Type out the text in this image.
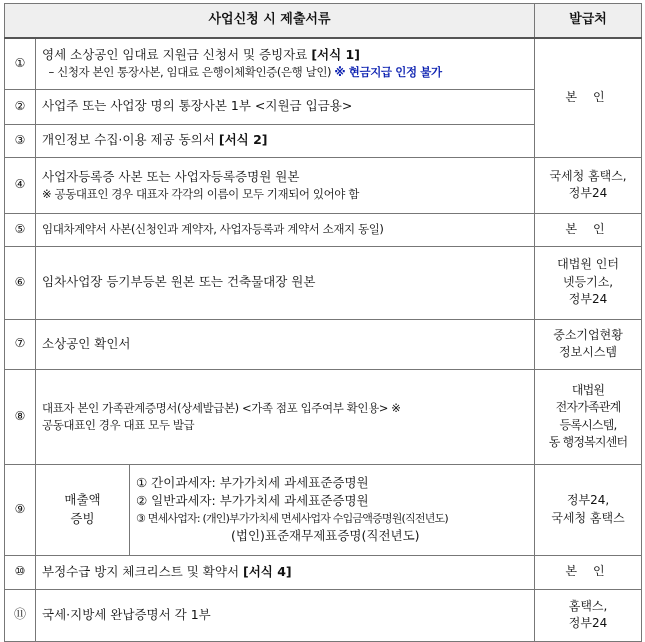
사업신청 시 제출서류			발급처
①	영세 소상공인 임대료 지원금 신청서 및 증빙자료 [서식 1]
– 신청자 본인 통장사본, 임대료 은행이체확인증(은행 날인) ※ 현금지급 인정 불가		본 인
②	사업주 또는 사업장 명의 통장사본 1부 <지원금 입금용>		
③	개인정보 수집·이용 제공 동의서 [서식 2]		
④	사업자등록증 사본 또는 사업자등록증명원 원본
※ 공동대표인 경우 대표자 각각의 이름이 모두 기재되어 있어야 함		국세청 홈택스,
정부24

⑤	임대차계약서 사본(신청인과 계약자, 사업자등록과 계약서 소재지 동일)		본 인
⑥	임차사업장 등기부등본 원본 또는 건축물대장 원본		대법원 인터
넷등기소,
정부24

⑦	소상공인 확인서		중소기업현황
정보시스템

⑧	대표자 본인 가족관계증명서(상세발급본) <가족 점포 입주여부 확인용> ※
공동대표인 경우 대표 모두 발급		대법원
전자가족관계
등록시스템,
동 행정복지센터

⑨	매출액
증빙	① 간이과세자: 부가가치세 과세표준증명원
② 일반과세자: 부가가치세 과세표준증명원
③ 면세사업자: (개인)부가가치세 면세사업자 수입금액증명원(직전년도)
(법인)표준재무제표증명(직전년도)	정부24,
국세청 홈택스

⑩	부정수급 방지 체크리스트 및 확약서 [서식 4]		본 인
⑪	국세·지방세 완납증명서 각 1부		홈택스,
정부24
